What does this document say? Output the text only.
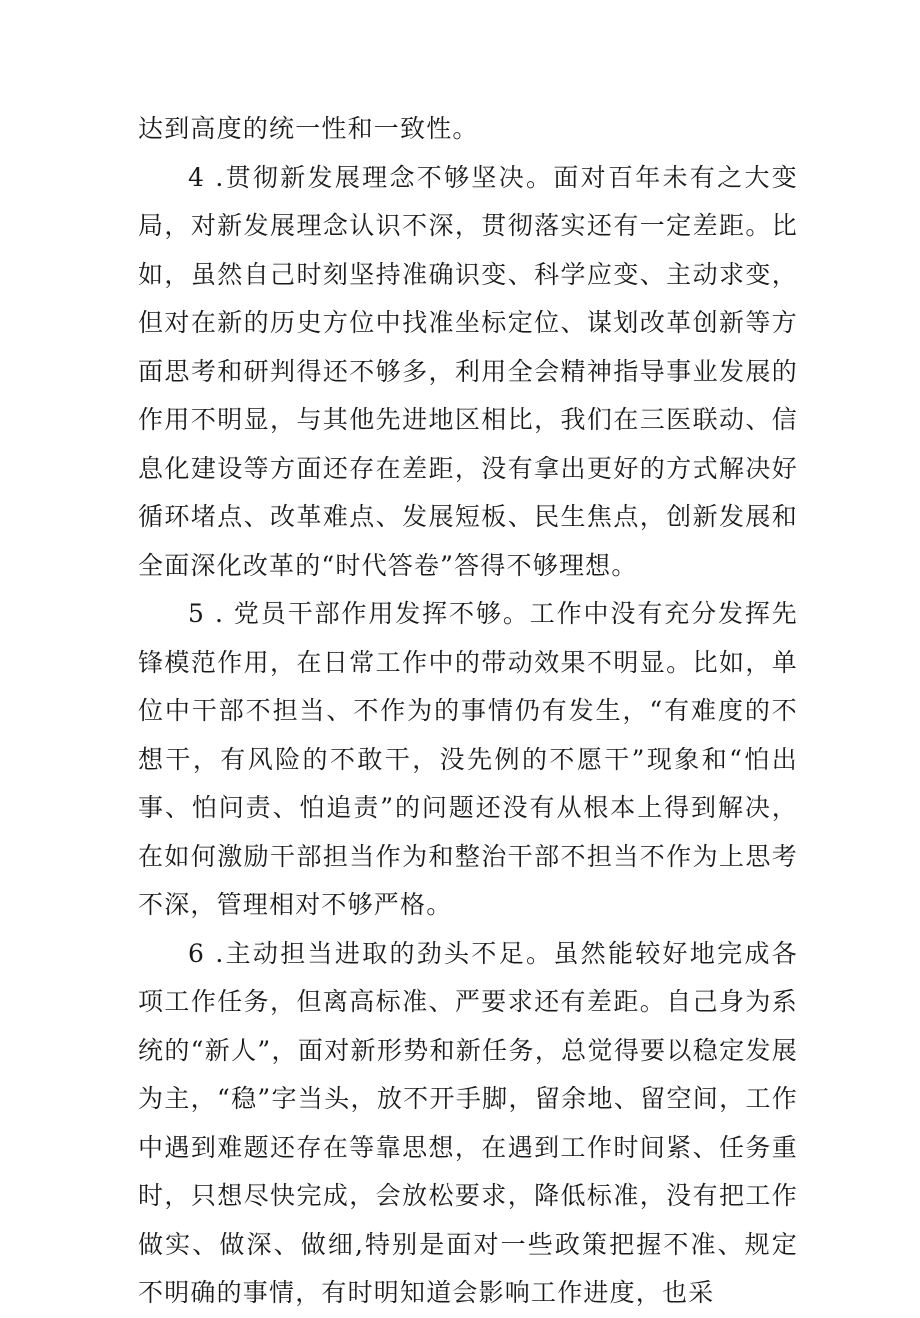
达到高度的统一性和一致性。

4 .贯彻新发展理念不够坚决。面对百年未有之大变局，对新发展理念认识不深，贯彻落实还有一定差距。比如，虽然自己时刻坚持准确识变、科学应变、主动求变，但对在新的历史方位中找准坐标定位、谋划改革创新等方面思考和研判得还不够多，利用全会精神指导事业发展的作用不明显，与其他先进地区相比，我们在三医联动、信息化建设等方面还存在差距，没有拿出更好的方式解决好循环堵点、改革难点、发展短板、民生焦点，创新发展和全面深化改革的“时代答卷”答得不够理想。

5 . 党员干部作用发挥不够。工作中没有充分发挥先锋模范作用，在日常工作中的带动效果不明显。比如，单位中干部不担当、不作为的事情仍有发生，“有难度的不想干，有风险的不敢干，没先例的不愿干”现象和“怕出事、怕问责、怕追责”的问题还没有从根本上得到解决，在如何激励干部担当作为和整治干部不担当不作为上思考不深，管理相对不够严格。

6 .主动担当进取的劲头不足。虽然能较好地完成各项工作任务，但离高标准、严要求还有差距。自己身为系统的“新人”，面对新形势和新任务，总觉得要以稳定发展为主，“稳”字当头，放不开手脚，留余地、留空间，工作中遇到难题还存在等靠思想，在遇到工作时间紧、任务重时，只想尽快完成，会放松要求，降低标准，没有把工作做实、做深、做细,特别是面对一些政策把握不准、规定不明确的事情，有时明知道会影响工作进度，也采
